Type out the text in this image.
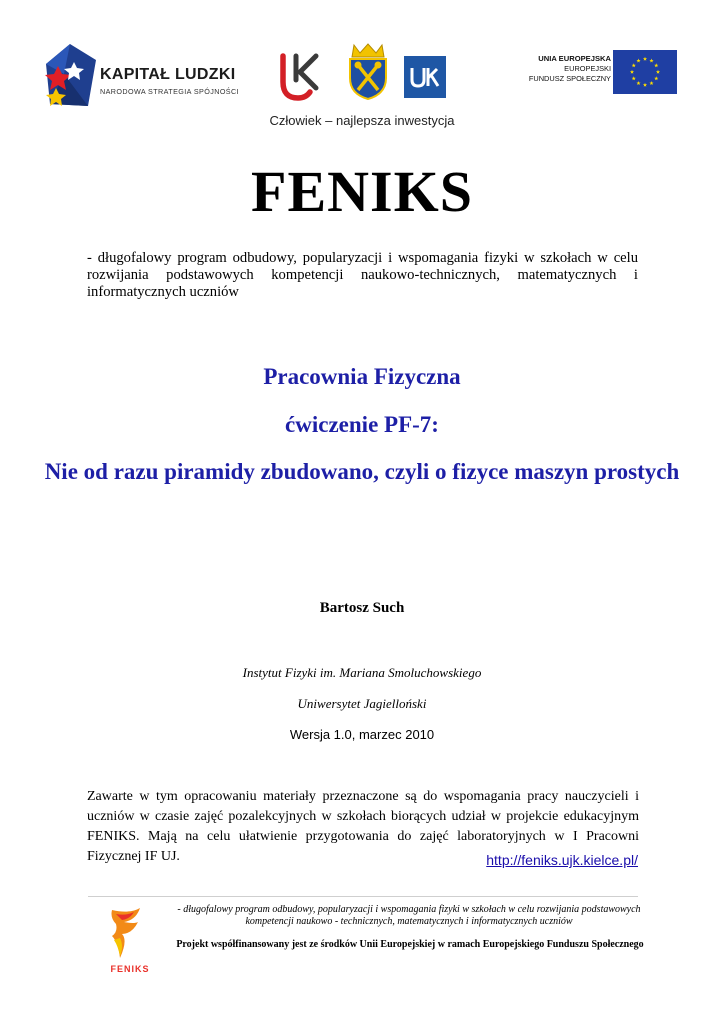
KAPITAŁ LUDZKI
NARODOWA STRATEGIA SPÓJNOŚCI
UNIA EUROPEJSKA
EUROPEJSKI
FUNDUSZ SPOŁECZNY
Człowiek – najlepsza inwestycja
FENIKS
- długofalowy program odbudowy, popularyzacji i wspomagania fizyki w szkołach w celu rozwijania podstawowych kompetencji naukowo-technicznych, matematycznych i informatycznych uczniów
Pracownia Fizyczna
ćwiczenie PF-7:
Nie od razu piramidy zbudowano, czyli o fizyce maszyn prostych
Bartosz Such
Instytut Fizyki im. Mariana Smoluchowskiego
Uniwersytet Jagielloński
Wersja 1.0, marzec 2010
Zawarte w tym opracowaniu materiały przeznaczone są do wspomagania pracy nauczycieli i uczniów w czasie zajęć pozalekcyjnych w szkołach biorących udział w projekcie edukacyjnym FENIKS. Mają na celu ułatwienie przygotowania do zajęć laboratoryjnych w I Pracowni Fizycznej IF UJ.	http://feniks.ujk.kielce.pl/
FENIKS
- długofalowy program odbudowy, popularyzacji i wspomagania fizyki w szkołach w celu rozwijania podstawowych kompetencji naukowo - technicznych, matematycznych i informatycznych uczniów
Projekt współfinansowany jest ze środków Unii Europejskiej w ramach Europejskiego Funduszu Społecznego
